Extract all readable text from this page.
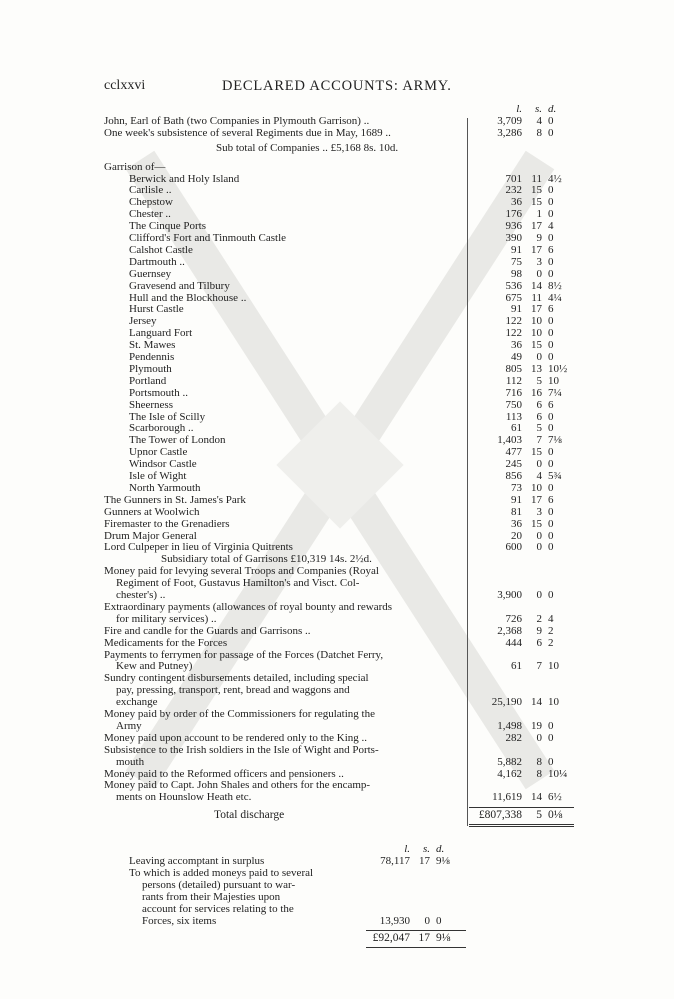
cclxxvi	DECLARED ACCOUNTS: ARMY.
l.	s. d.
John, Earl of Bath (two Companies in Plymouth Garrison) ..	3,709	4 0
One week's subsistence of several Regiments due in May, 1689 ..	3,286	8 0
Sub total of Companies .. £5,168 8s. 10d.
Garrison of—
Berwick and Holy Island	701 11 4½
Carlisle ..	232 15 0
Chepstow	36 15 0
Chester ..	176	1 0
The Cinque Ports	936 17 4
Clifford's Fort and Tinmouth Castle	390	9 0
Calshot Castle	91 17 6
Dartmouth ..	75	3 0
Guernsey	98	0 0
Gravesend and Tilbury	536 14 8½
Hull and the Blockhouse ..	675 11 4¼
Hurst Castle	91 17 6
Jersey	122 10 0
Languard Fort	122 10 0
St. Mawes	36 15 0
Pendennis	49	0 0
Plymouth	805 13 10½
Portland	112	5 10
Portsmouth ..	716 16 7¼
Sheerness	750	6 6
The Isle of Scilly	113	6 0
Scarborough ..	61	5 0
The Tower of London	1,403	7 7⅛
Upnor Castle	477 15 0
Windsor Castle	245	0 0
Isle of Wight	856	4 5¾
North Yarmouth	73 10 0
The Gunners in St. James's Park	91 17 6
Gunners at Woolwich	81	3 0
Firemaster to the Grenadiers	36 15 0
Drum Major General	20	0 0
Lord Culpeper in lieu of Virginia Quitrents	600	0 0
Subsidiary total of Garrisons £10,319 14s. 2½d.
Money paid for levying several Troops and Companies (Royal
Regiment of Foot, Gustavus Hamilton's and Visct. Col-
chester's) ..	3,900	0 0
Extraordinary payments (allowances of royal bounty and rewards
for military services) ..	726	2 4
Fire and candle for the Guards and Garrisons ..	2,368	9 2
Medicaments for the Forces	444	6 2
Payments to ferrymen for passage of the Forces (Datchet Ferry,
Kew and Putney)	61	7 10
Sundry contingent disbursements detailed, including special
pay, pressing, transport, rent, bread and waggons and
exchange	25,190 14 10
Money paid by order of the Commissioners for regulating the
Army	1,498 19 0
Money paid upon account to be rendered only to the King ..	282	0 0
Subsistence to the Irish soldiers in the Isle of Wight and Ports-
mouth	5,882	8 0
Money paid to the Reformed officers and pensioners ..	4,162	8 10¼
Money paid to Capt. John Shales and others for the encamp-
ments on Hounslow Heath etc.	11,619 14 6½
Total discharge	£807,338	5 0⅛
l.	s. d.
Leaving accomptant in surplus	78,117 17 9⅛
To which is added moneys paid to several
persons (detailed) pursuant to war-
rants from their Majesties upon
account for services relating to the
Forces, six items	13,930	0 0
£92,047 17 9⅛
